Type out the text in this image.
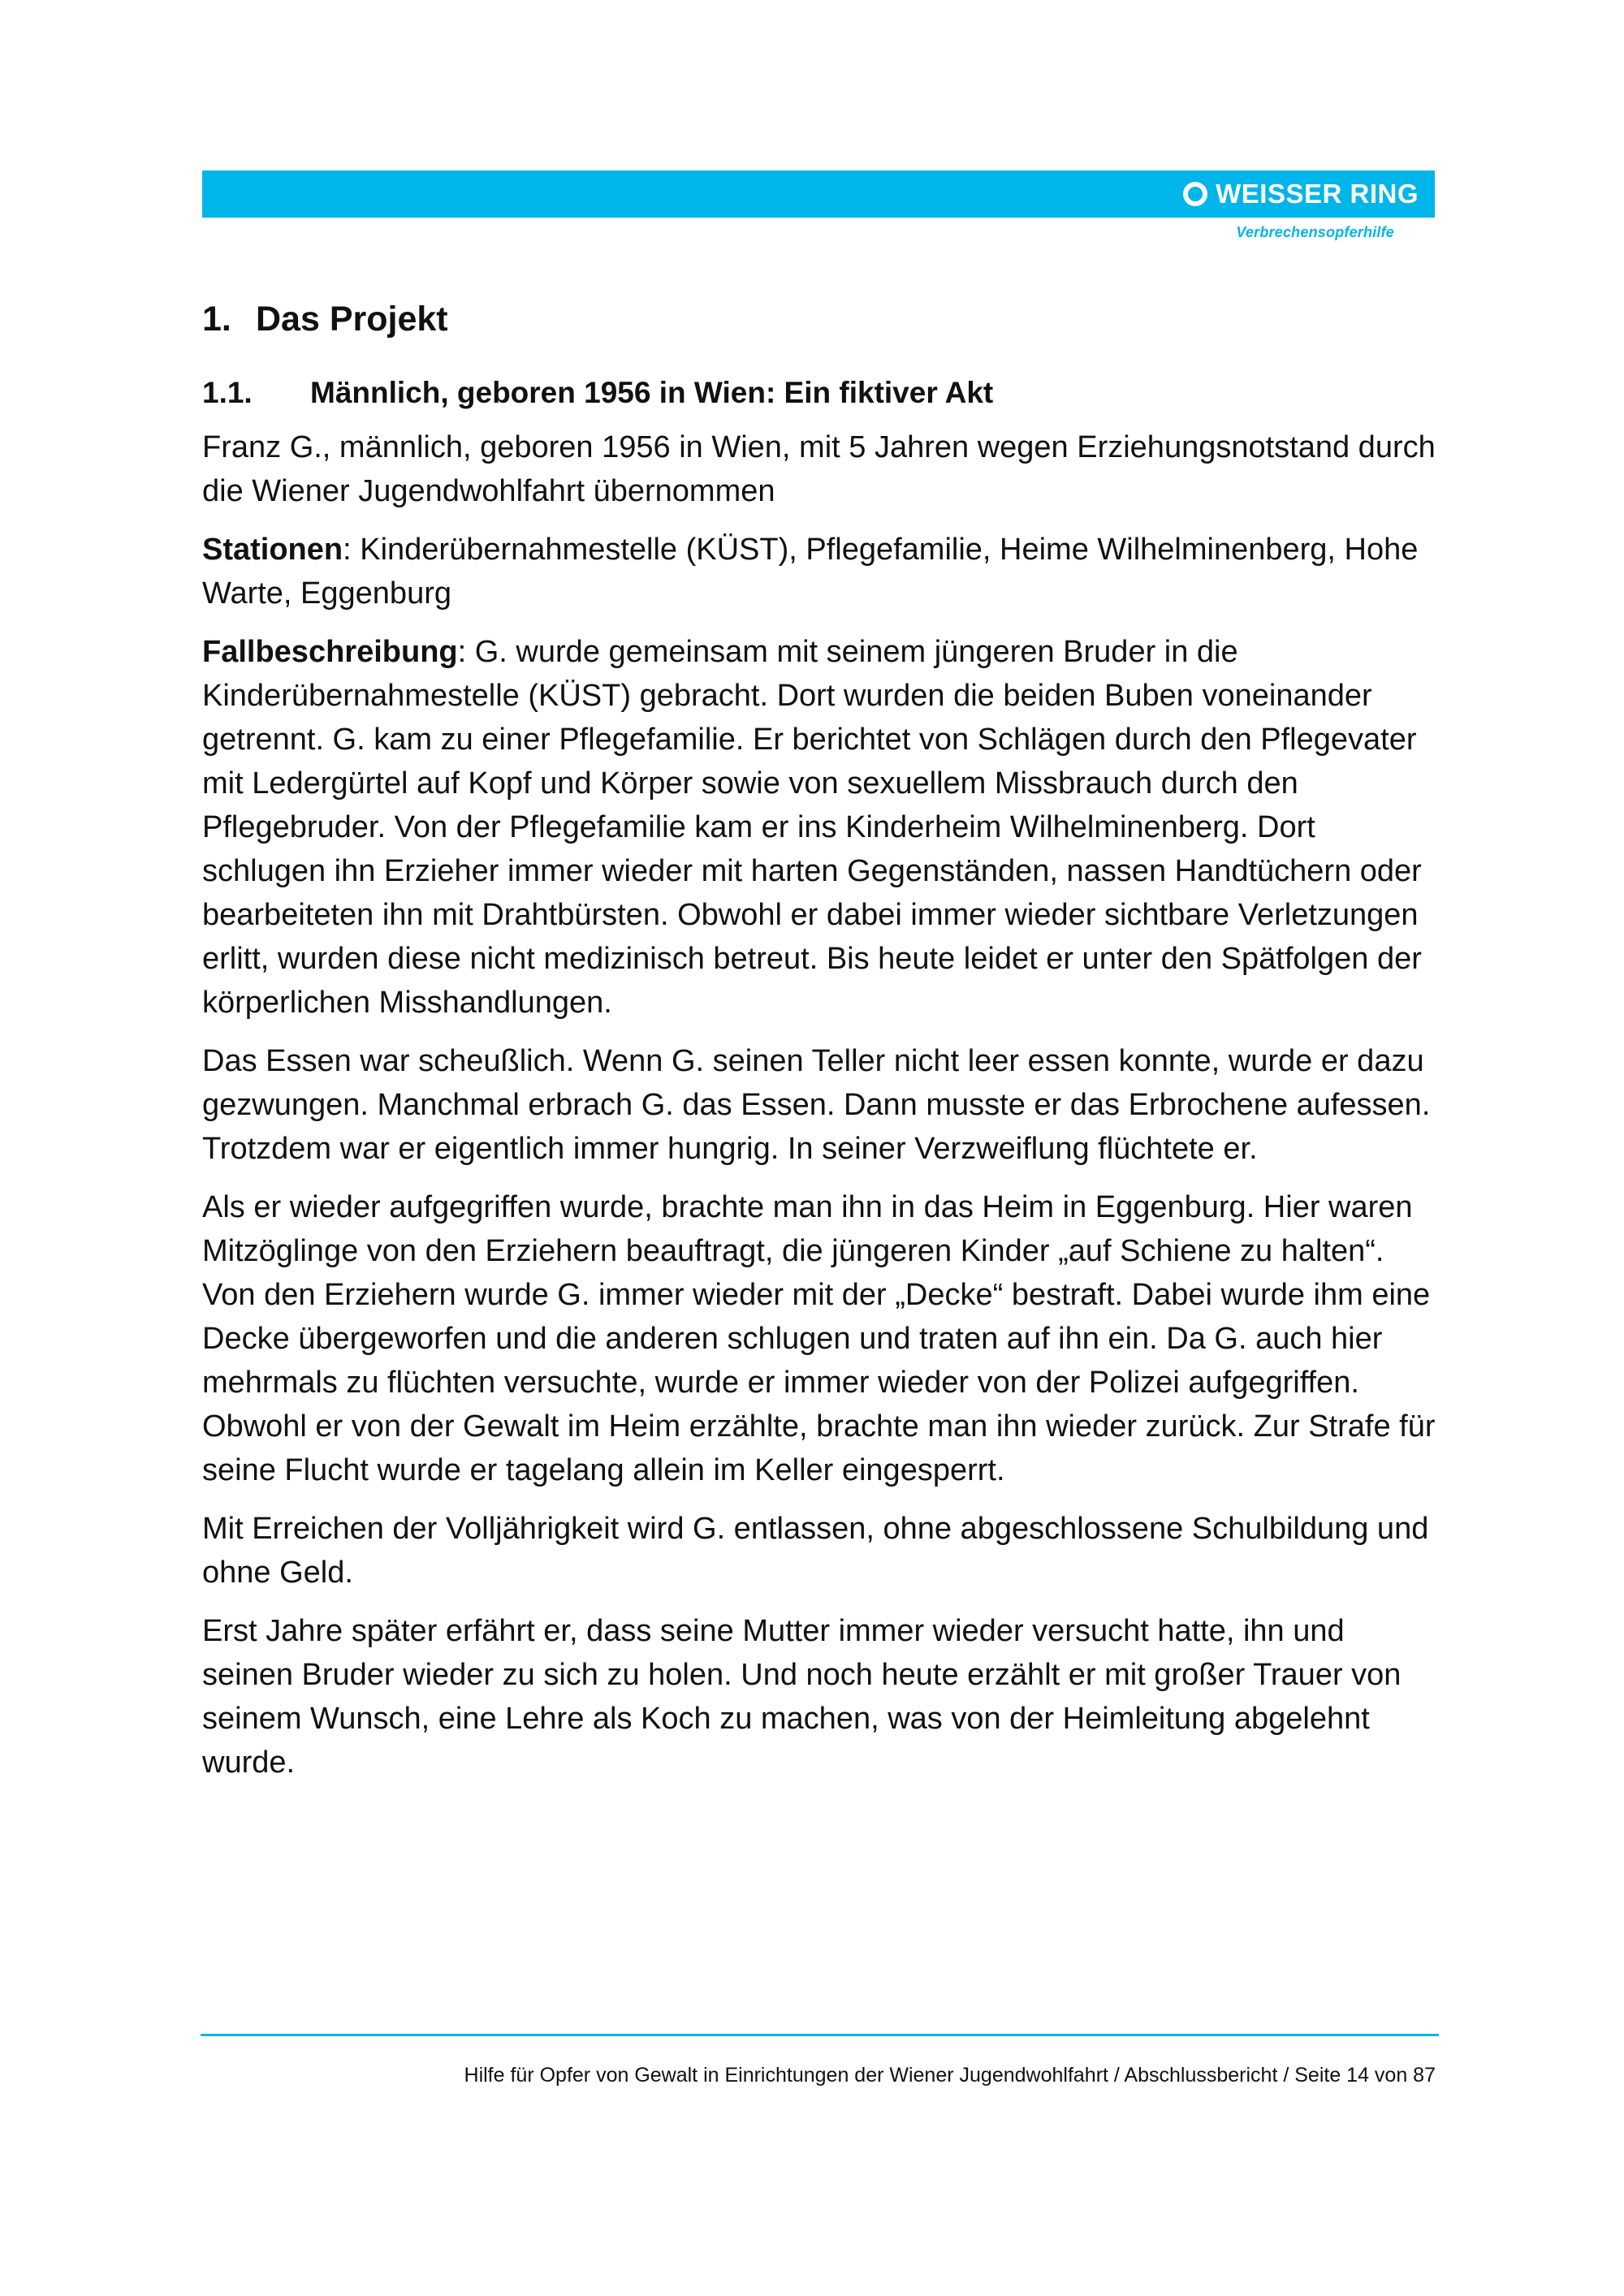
WEISSER RING
Verbrechensopferhilfe
1. Das Projekt
1.1.	Männlich, geboren 1956 in Wien: Ein fiktiver Akt

Franz G., männlich, geboren 1956 in Wien, mit 5 Jahren wegen Erziehungsnotstand durch die Wiener Jugendwohlfahrt übernommen

Stationen: Kinderübernahmestelle (KÜST), Pflegefamilie, Heime Wilhelminenberg, Hohe Warte, Eggenburg

Fallbeschreibung: G. wurde gemeinsam mit seinem jüngeren Bruder in die Kinderübernahmestelle (KÜST) gebracht. Dort wurden die beiden Buben voneinander getrennt. G. kam zu einer Pflegefamilie. Er berichtet von Schlägen durch den Pflegevater mit Ledergürtel auf Kopf und Körper sowie von sexuellem Missbrauch durch den Pflegebruder. Von der Pflegefamilie kam er ins Kinderheim Wilhelminenberg. Dort schlugen ihn Erzieher immer wieder mit harten Gegenständen, nassen Handtüchern oder bearbeiteten ihn mit Drahtbürsten. Obwohl er dabei immer wieder sichtbare Verletzungen erlitt, wurden diese nicht medizinisch betreut. Bis heute leidet er unter den Spätfolgen der körperlichen Misshandlungen.

Das Essen war scheußlich. Wenn G. seinen Teller nicht leer essen konnte, wurde er dazu gezwungen. Manchmal erbrach G. das Essen. Dann musste er das Erbrochene aufessen. Trotzdem war er eigentlich immer hungrig. In seiner Verzweiflung flüchtete er.

Als er wieder aufgegriffen wurde, brachte man ihn in das Heim in Eggenburg. Hier waren Mitzöglinge von den Erziehern beauftragt, die jüngeren Kinder „auf Schiene zu halten“. Von den Erziehern wurde G. immer wieder mit der „Decke“ bestraft. Dabei wurde ihm eine Decke übergeworfen und die anderen schlugen und traten auf ihn ein. Da G. auch hier mehrmals zu flüchten versuchte, wurde er immer wieder von der Polizei aufgegriffen. Obwohl er von der Gewalt im Heim erzählte, brachte man ihn wieder zurück. Zur Strafe für seine Flucht wurde er tagelang allein im Keller eingesperrt.

Mit Erreichen der Volljährigkeit wird G. entlassen, ohne abgeschlossene Schulbildung und ohne Geld.

Erst Jahre später erfährt er, dass seine Mutter immer wieder versucht hatte, ihn und seinen Bruder wieder zu sich zu holen. Und noch heute erzählt er mit großer Trauer von seinem Wunsch, eine Lehre als Koch zu machen, was von der Heimleitung abgelehnt wurde.

Hilfe für Opfer von Gewalt in Einrichtungen der Wiener Jugendwohlfahrt / Abschlussbericht / Seite 14 von 87
